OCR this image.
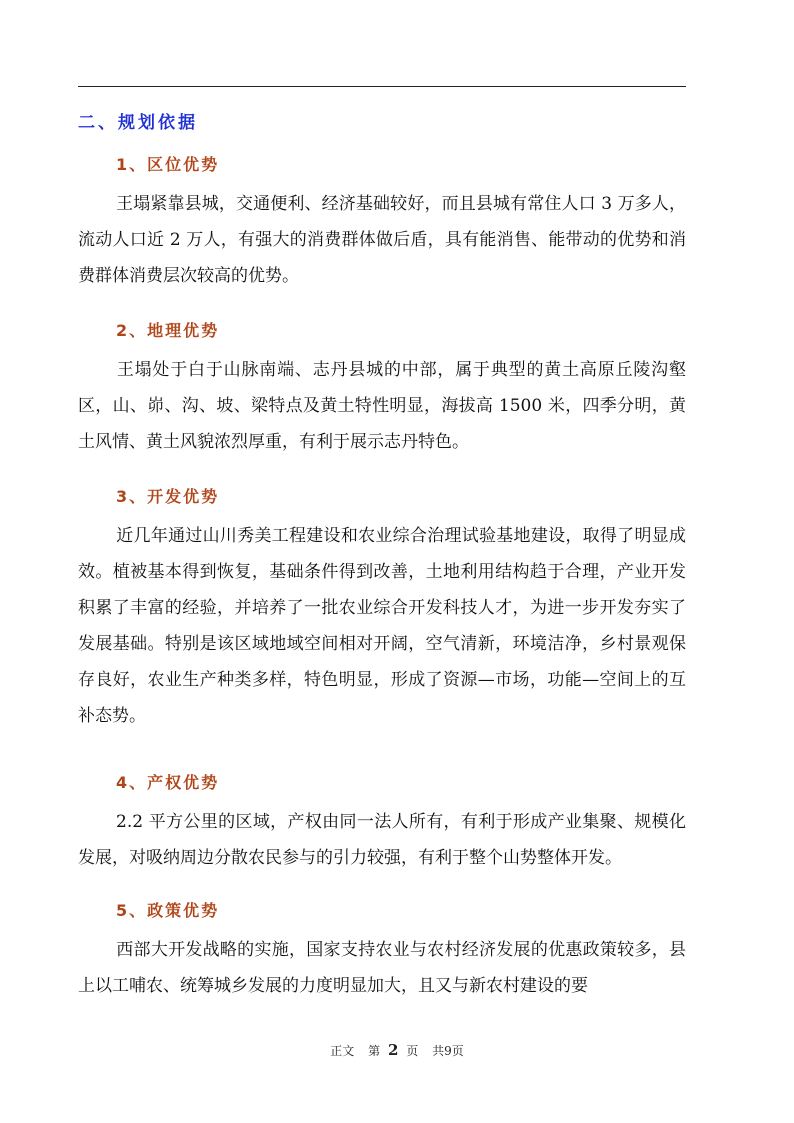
二、规划依据
1、区位优势

王塌紧靠县城，交通便利、经济基础较好，而且县城有常住人口 3 万多人，流动人口近 2 万人，有强大的消费群体做后盾，具有能消售、能带动的优势和消费群体消费层次较高的优势。

2、地理优势

王塌处于白于山脉南端、志丹县城的中部，属于典型的黄土高原丘陵沟壑区，山、峁、沟、坡、梁特点及黄土特性明显，海拔高 1500 米，四季分明，黄土风情、黄土风貌浓烈厚重，有利于展示志丹特色。

3、开发优势

近几年通过山川秀美工程建设和农业综合治理试验基地建设，取得了明显成效。植被基本得到恢复，基础条件得到改善，土地利用结构趋于合理，产业开发积累了丰富的经验，并培养了一批农业综合开发科技人才，为进一步开发夯实了发展基础。特别是该区域地域空间相对开阔，空气清新，环境洁净，乡村景观保存良好，农业生产种类多样，特色明显，形成了资源—市场，功能—空间上的互补态势。

4、产权优势

2.2 平方公里的区域，产权由同一法人所有，有利于形成产业集聚、规模化发展，对吸纳周边分散农民参与的引力较强，有利于整个山势整体开发。

5、政策优势

西部大开发战略的实施，国家支持农业与农村经济发展的优惠政策较多，县上以工哺农、统筹城乡发展的力度明显加大，且又与新农村建设的要

正文 第 2 页 共9页
